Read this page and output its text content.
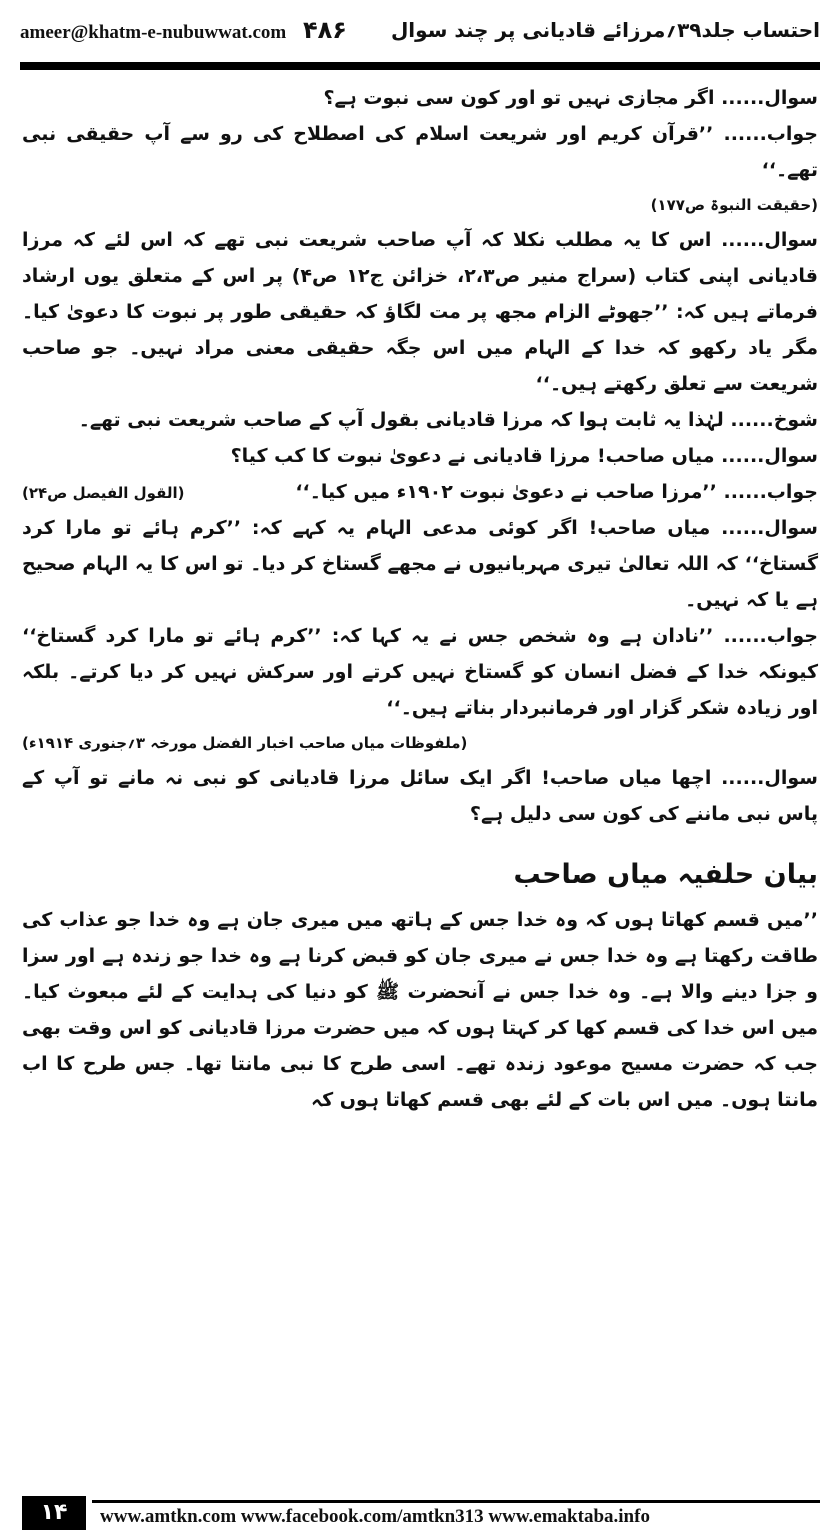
ameer@khatm-e-nubuwwat.com ۴۸۶ احتساب جلد۳۹؍مرزائے قادیانی پر چند سوال

سوال...... اگر مجازی نہیں تو اور کون سی نبوت ہے؟

جواب...... ’’قرآن کریم اور شریعت اسلام کی اصطلاح کی رو سے آپ حقیقی نبی تھے۔‘‘

(حقیقت النبوۃ ص۱۷۷)

سوال...... اس کا یہ مطلب نکلا کہ آپ صاحب شریعت نبی تھے کہ اس لئے کہ مرزا قادیانی اپنی کتاب (سراج منیر ص۲،۳، خزائن ج۱۲ ص۴) پر اس کے متعلق یوں ارشاد فرماتے ہیں کہ: ’’جھوٹے الزام مجھ پر مت لگاؤ کہ حقیقی طور پر نبوت کا دعویٰ کیا۔ مگر یاد رکھو کہ خدا کے الہام میں اس جگہ حقیقی معنی مراد نہیں۔ جو صاحب شریعت سے تعلق رکھتے ہیں۔‘‘

شوخ...... لہٰذا یہ ثابت ہوا کہ مرزا قادیانی بقول آپ کے صاحب شریعت نبی تھے۔

سوال...... میاں صاحب! مرزا قادیانی نے دعویٰ نبوت کا کب کیا؟

جواب...... ’’مرزا صاحب نے دعویٰ نبوت ۱۹۰۲ء میں کیا۔‘‘

(القول الفیصل ص۲۴)

سوال...... میاں صاحب! اگر کوئی مدعی الہام یہ کہے کہ: ’’کرم ہائے تو مارا کرد گستاخ‘‘ کہ اللہ تعالیٰ تیری مہربانیوں نے مجھے گستاخ کر دیا۔ تو اس کا یہ الہام صحیح ہے یا کہ نہیں۔

جواب...... ’’نادان ہے وہ شخص جس نے یہ کہا کہ: ’’کرم ہائے تو مارا کرد گستاخ‘‘ کیونکہ خدا کے فضل انسان کو گستاخ نہیں کرتے اور سرکش نہیں کر دیا کرتے۔ بلکہ اور زیادہ شکر گزار اور فرمانبردار بناتے ہیں۔‘‘

(ملفوظات میاں صاحب اخبار الفضل مورخہ ۳؍جنوری ۱۹۱۴ء)

سوال...... اچھا میاں صاحب! اگر ایک سائل مرزا قادیانی کو نبی نہ مانے تو آپ کے پاس نبی ماننے کی کون سی دلیل ہے؟

بیان حلفیہ میاں صاحب

’’میں قسم کھاتا ہوں کہ وہ خدا جس کے ہاتھ میں میری جان ہے وہ خدا جو عذاب کی طاقت رکھتا ہے وہ خدا جس نے میری جان کو قبض کرنا ہے وہ خدا جو زندہ ہے اور سزا و جزا دینے والا ہے۔ وہ خدا جس نے آنحضرت ﷺ کو دنیا کی ہدایت کے لئے مبعوث کیا۔ میں اس خدا کی قسم کھا کر کہتا ہوں کہ میں حضرت مرزا قادیانی کو اس وقت بھی جب کہ حضرت مسیح موعود زندہ تھے۔ اسی طرح کا نبی مانتا تھا۔ جس طرح کا اب مانتا ہوں۔ میں اس بات کے لئے بھی قسم کھاتا ہوں کہ

۱۴	www.amtkn.com www.facebook.com/amtkn313 www.emaktaba.info
